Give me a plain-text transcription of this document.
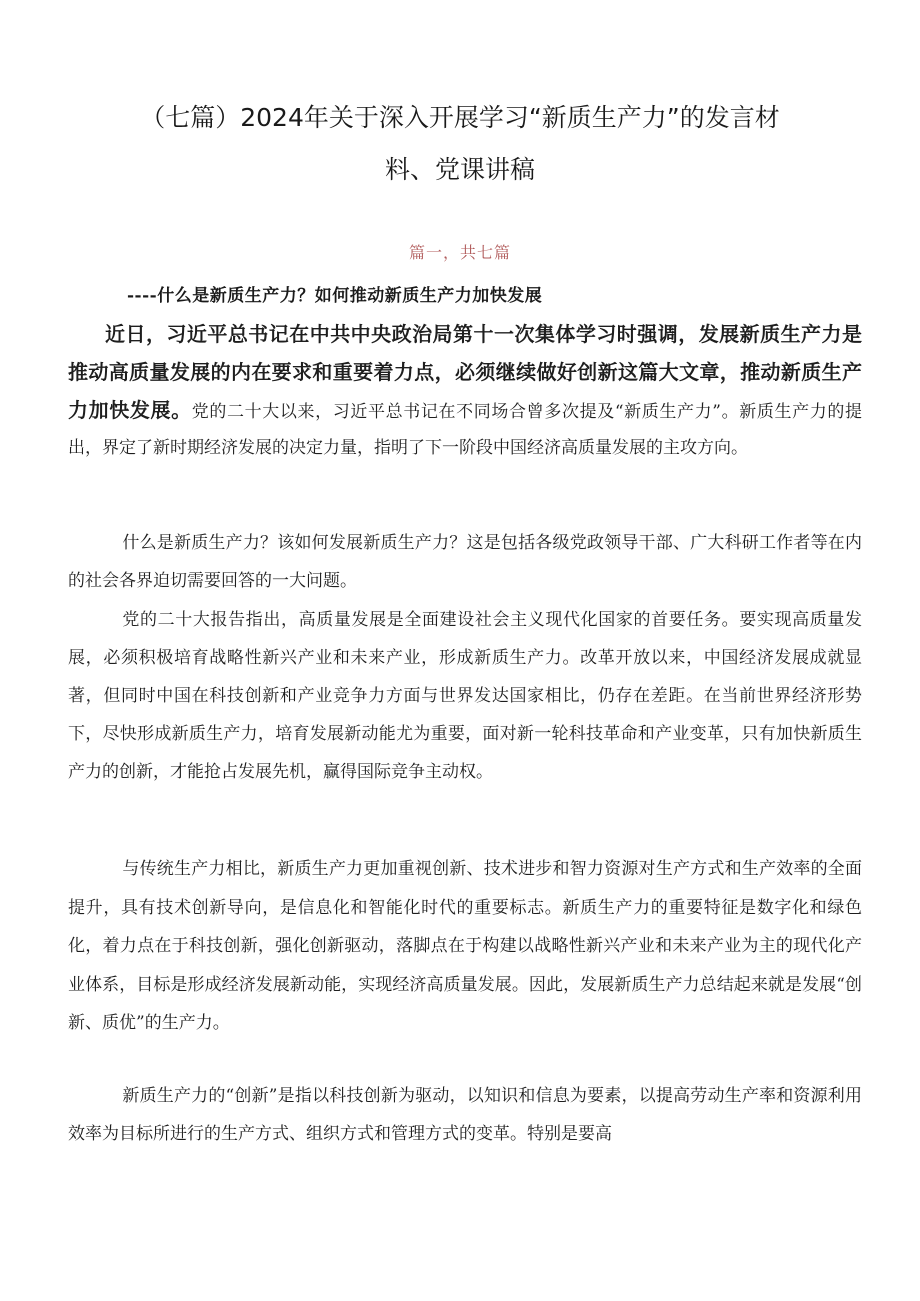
（七篇）2024年关于深入开展学习“新质生产力”的发言材
料、党课讲稿
篇一，共七篇
----什么是新质生产力？如何推动新质生产力加快发展

近日，习近平总书记在中共中央政治局第十一次集体学习时强调，发展新质生产力是推动高质量发展的内在要求和重要着力点，必须继续做好创新这篇大文章，推动新质生产力加快发展。党的二十大以来，习近平总书记在不同场合曾多次提及“新质生产力”。新质生产力的提出，界定了新时期经济发展的决定力量，指明了下一阶段中国经济高质量发展的主攻方向。

什么是新质生产力？该如何发展新质生产力？这是包括各级党政领导干部、广大科研工作者等在内的社会各界迫切需要回答的一大问题。

党的二十大报告指出，高质量发展是全面建设社会主义现代化国家的首要任务。要实现高质量发展，必须积极培育战略性新兴产业和未来产业，形成新质生产力。改革开放以来，中国经济发展成就显著，但同时中国在科技创新和产业竞争力方面与世界发达国家相比，仍存在差距。在当前世界经济形势下，尽快形成新质生产力，培育发展新动能尤为重要，面对新一轮科技革命和产业变革，只有加快新质生产力的创新，才能抢占发展先机，赢得国际竞争主动权。

与传统生产力相比，新质生产力更加重视创新、技术进步和智力资源对生产方式和生产效率的全面提升，具有技术创新导向，是信息化和智能化时代的重要标志。新质生产力的重要特征是数字化和绿色化，着力点在于科技创新，强化创新驱动，落脚点在于构建以战略性新兴产业和未来产业为主的现代化产业体系，目标是形成经济发展新动能，实现经济高质量发展。因此，发展新质生产力总结起来就是发展“创新、质优”的生产力。

新质生产力的“创新”是指以科技创新为驱动，以知识和信息为要素，以提高劳动生产率和资源利用效率为目标所进行的生产方式、组织方式和管理方式的变革。特别是要高
